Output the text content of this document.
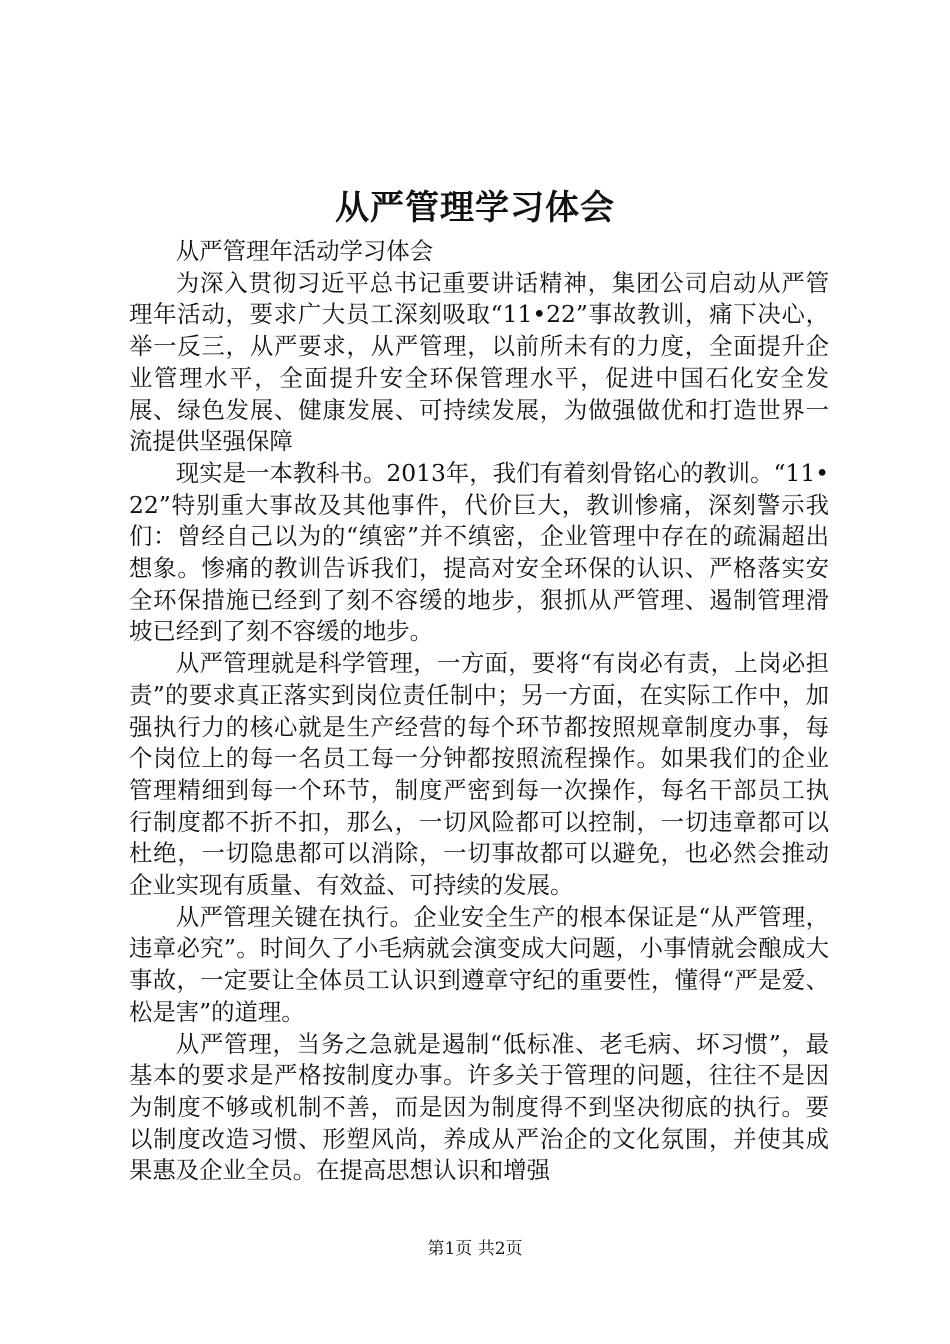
从严管理学习体会

从严管理年活动学习体会

为深入贯彻习近平总书记重要讲话精神，集团公司启动从严管理年活动，要求广大员工深刻吸取“11•22”事故教训，痛下决心，举一反三，从严要求，从严管理，以前所未有的力度，全面提升企业管理水平，全面提升安全环保管理水平，促进中国石化安全发展、绿色发展、健康发展、可持续发展，为做强做优和打造世界一流提供坚强保障

现实是一本教科书。2013年，我们有着刻骨铭心的教训。“11•22”特别重大事故及其他事件，代价巨大，教训惨痛，深刻警示我们：曾经自己以为的“缜密”并不缜密，企业管理中存在的疏漏超出想象。惨痛的教训告诉我们，提高对安全环保的认识、严格落实安全环保措施已经到了刻不容缓的地步，狠抓从严管理、遏制管理滑坡已经到了刻不容缓的地步。

从严管理就是科学管理，一方面，要将“有岗必有责，上岗必担责”的要求真正落实到岗位责任制中；另一方面，在实际工作中，加强执行力的核心就是生产经营的每个环节都按照规章制度办事，每个岗位上的每一名员工每一分钟都按照流程操作。如果我们的企业管理精细到每一个环节，制度严密到每一次操作，每名干部员工执行制度都不折不扣，那么，一切风险都可以控制，一切违章都可以杜绝，一切隐患都可以消除，一切事故都可以避免，也必然会推动企业实现有质量、有效益、可持续的发展。

从严管理关键在执行。企业安全生产的根本保证是“从严管理，违章必究”。时间久了小毛病就会演变成大问题，小事情就会酿成大事故，一定要让全体员工认识到遵章守纪的重要性，懂得“严是爱、松是害”的道理。

从严管理，当务之急就是遏制“低标准、老毛病、坏习惯”，最基本的要求是严格按制度办事。许多关于管理的问题，往往不是因为制度不够或机制不善，而是因为制度得不到坚决彻底的执行。要以制度改造习惯、形塑风尚，养成从严治企的文化氛围，并使其成果惠及企业全员。在提高思想认识和增强

第1页 共2页
